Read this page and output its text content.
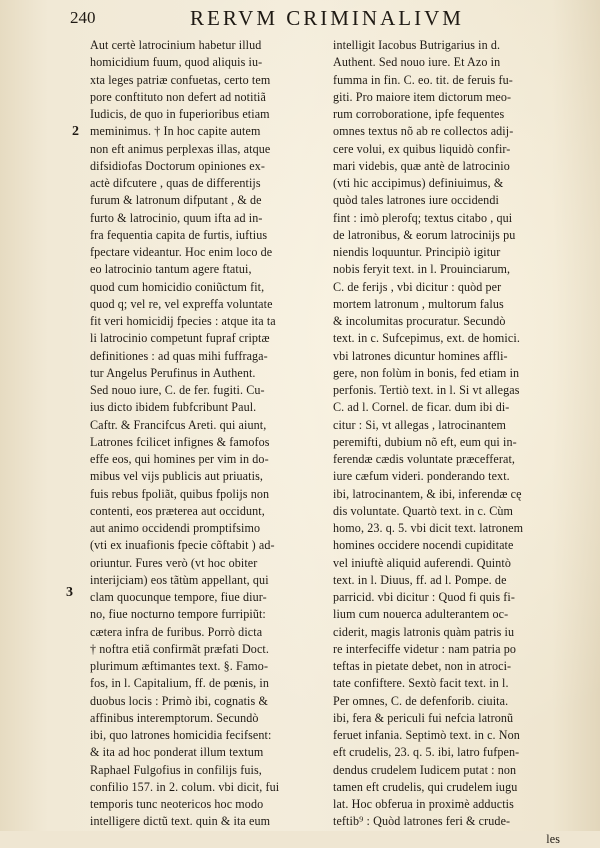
240	RERVM CRIMINALIVM
2
3
Aut certè latrocinium habetur illud
homicidium fuum, quod aliquis iu-
xta leges patriæ confuetas, certo tem
pore conftituto non defert ad notitiã
Iudicis, de quo in fuperioribus etiam
meminimus. † In hoc capite autem
non eft animus perplexas illas, atque
difsidiofas Doctorum opiniones ex-
actè difcutere , quas de differentijs
furum & latronum difputant , & de
furto & latrocinio, quum ifta ad in-
fra fequentia capita de furtis, iuftius
fpectare videantur. Hoc enim loco de
eo latrocinio tantum agere ftatui,
quod cum homicidio coniũctum fit,
quod q; vel re, vel expreffa voluntate
fit veri homicidij fpecies : atque ita ta
li latrocinio competunt fupraf criptæ
definitiones : ad quas mihi fuffraga-
tur Angelus Perufinus in Authent.
Sed nouo iure, C. de fer. fugiti. Cu-
ius dicto ibidem fubfcribunt Paul.
Caftr. & Francifcus Areti. qui aiunt,
Latrones fcilicet infignes & famofos
effe eos, qui homines per vim in do-
mibus vel vijs publicis aut priuatis,
fuis rebus fpoliãt, quibus fpolijs non
contenti, eos præterea aut occidunt,
aut animo occidendi promptifsimo
(vti ex inuafionis fpecie cõftabit ) ad-
oriuntur. Fures verò (vt hoc obiter
interijciam) eos tãtùm appellant, qui
clam quocunque tempore, fiue diur-
no, fiue nocturno tempore furripiũt:
cætera infra de furibus. Porrò dicta
† noftra etiã confirmãt præfati Doct.
plurimum æftimantes text. §. Famo-
fos, in l. Capitalium, ff. de pœnis, in
duobus locis : Primò ibi, cognatis &
affinibus interemptorum. Secundò
ibi, quo latrones homicidia fecifsent:
& ita ad hoc ponderat illum textum
Raphael Fulgofius in confilijs fuis,
confilio 157. in 2. colum. vbi dicit, fui
temporis tunc neotericos hoc modo
intelligere dictũ text. quin & ita eum
intelligit Iacobus Butrigarius in d.
Authent. Sed nouo iure. Et Azo in
fumma in fin. C. eo. tit. de feruis fu-
giti. Pro maiore item dictorum meo-
rum corroboratione, ipfe fequentes
omnes textus nõ ab re collectos adij-
cere volui, ex quibus liquidò confir-
mari videbis, quæ antè de latrocinio
(vti hic accipimus) definiuimus, &
quòd tales latrones iure occidendi
fint : imò plerofq; textus citabo , qui
de latronibus, & eorum latrocinijs pu
niendis loquuntur. Principiò igitur
nobis ferуit text. in l. Prouinciarum,
C. de ferijs , vbi dicitur : quòd per
mortem latronum , multorum falus
& incolumitas procuratur. Secundò
text. in c. Sufcepimus, ext. de homici.
vbi latrones dicuntur homines affli-
gere, non folùm in bonis, fed etiam in
perfonis. Tertiò text. in l. Si vt allegas
C. ad l. Cornel. de ficar. dum ibi di-
citur : Si, vt allegas , latrocinantem
peremifti, dubium nõ eft, eum qui in-
ferendæ cædis voluntate præcefferat,
iure cæfum videri. ponderando text.
ibi, latrocinantem, & ibi, inferendæ cę
dis voluntate. Quartò text. in c. Cùm
homo, 23. q. 5. vbi dicit text. latronem
homines occidere nocendi cupiditate
vel iniuftè aliquid auferendi. Quintò
text. in l. Diuus, ff. ad l. Pompe. de
parricid. vbi dicitur : Quod fi quis fi-
lium cum nouerca adulterantem oc-
ciderit, magis latronis quàm patris iu
re interfeciffe videtur : nam patria po
teftas in pietate debet, non in atroci-
tate confiftere. Sextò facit text. in l.
Per omnes, C. de defenforib. ciuita.
ibi, fera & periculi fui nefcia latronũ
feruet infania. Septimò text. in c. Non
eft crudelis, 23. q. 5. ibi, latro fufpen-
dendus crudelem Iudicem putat : non
tamen eft crudelis, qui crudelem iugu
lat. Hoc obferua in proximè adductis
teftib⁹ : Quòd latrones feri & crude-
les
